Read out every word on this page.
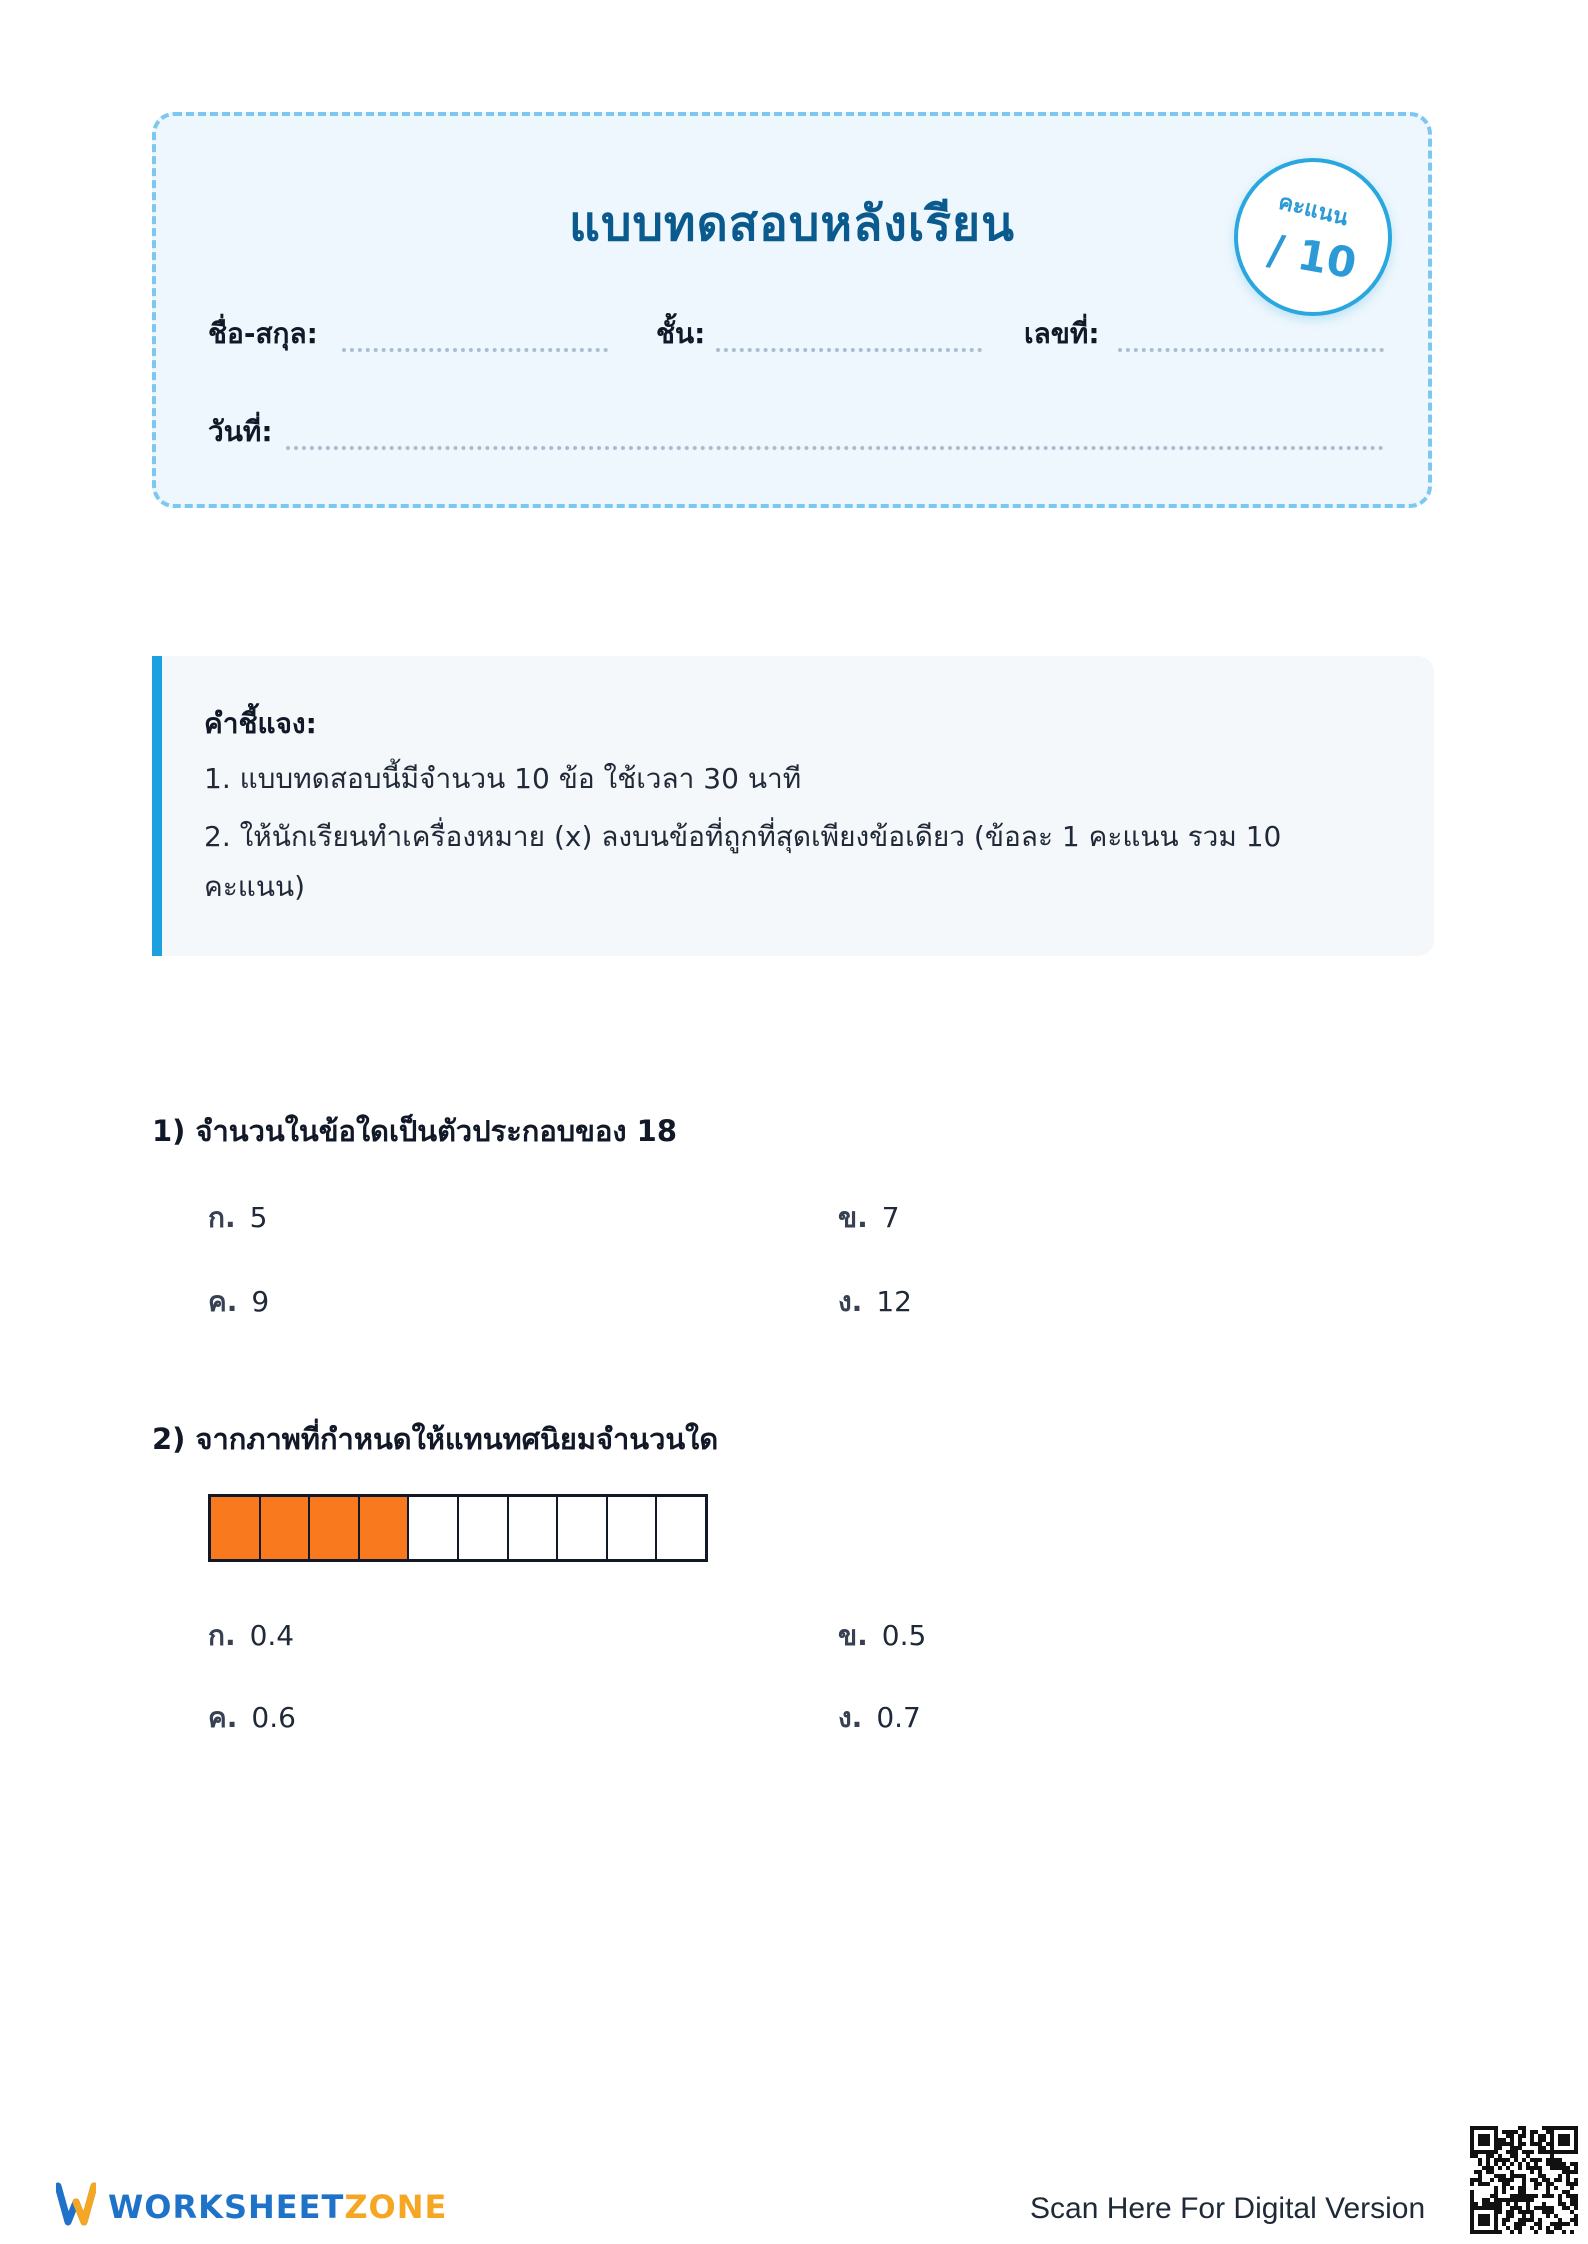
แบบทดสอบหลังเรียน	คะแนน
/ 10
ชื่อ-สกุล:	ชั้น:	เลขที่:
วันที่:
คำชี้แจง:
1. แบบทดสอบนี้มีจำนวน 10 ข้อ ใช้เวลา 30 นาที
2. ให้นักเรียนทำเครื่องหมาย (x) ลงบนข้อที่ถูกที่สุดเพียงข้อเดียว (ข้อละ 1 คะแนน รวม 10 คะแนน)
1) จำนวนในข้อใดเป็นตัวประกอบของ 18
ก. 5	ข. 7
ค. 9	ง. 12
2) จากภาพที่กำหนดให้แทนทศนิยมจำนวนใด
ก. 0.4	ข. 0.5
ค. 0.6	ง. 0.7
WORKSHEETZONE	Scan Here For Digital Version
